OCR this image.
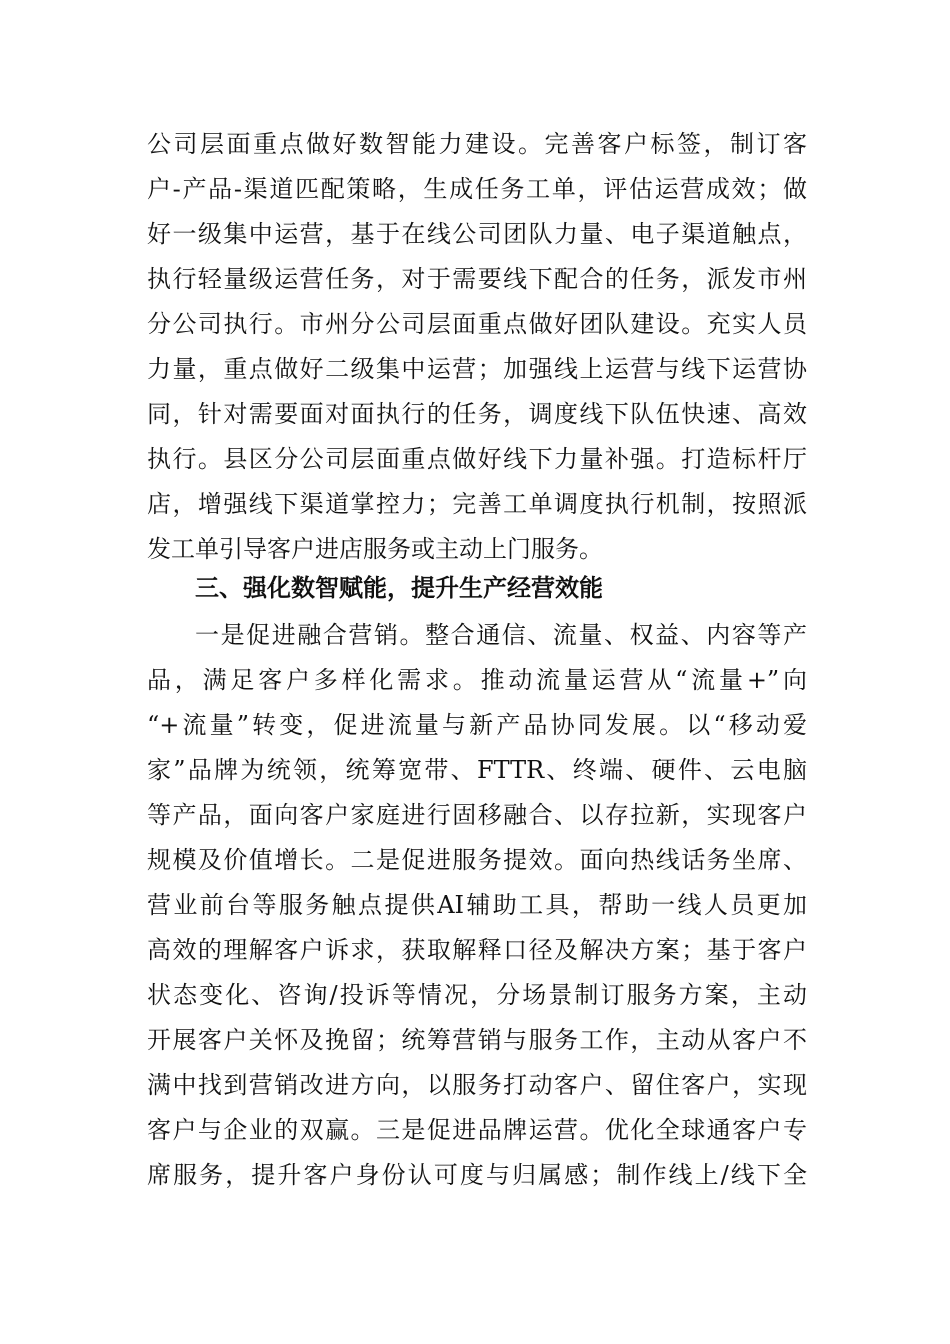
公司层面重点做好数智能力建设。完善客户标签，制订客
户-产品-渠道匹配策略，生成任务工单，评估运营成效；做
好一级集中运营，基于在线公司团队力量、电子渠道触点，
执行轻量级运营任务，对于需要线下配合的任务，派发市州
分公司执行。市州分公司层面重点做好团队建设。充实人员
力量，重点做好二级集中运营；加强线上运营与线下运营协
同，针对需要面对面执行的任务，调度线下队伍快速、高效
执行。县区分公司层面重点做好线下力量补强。打造标杆厅
店，增强线下渠道掌控力；完善工单调度执行机制，按照派
发工单引导客户进店服务或主动上门服务。
三、强化数智赋能，提升生产经营效能
一是促进融合营销。整合通信、流量、权益、内容等产
品，满足客户多样化需求。推动流量运营从“流量+”向
“+流量”转变，促进流量与新产品协同发展。以“移动爱
家”品牌为统领，统筹宽带、FTTR、终端、硬件、云电脑
等产品，面向客户家庭进行固移融合、以存拉新，实现客户
规模及价值增长。二是促进服务提效。面向热线话务坐席、
营业前台等服务触点提供AI辅助工具，帮助一线人员更加
高效的理解客户诉求，获取解释口径及解决方案；基于客户
状态变化、咨询/投诉等情况，分场景制订服务方案，主动
开展客户关怀及挽留；统筹营销与服务工作，主动从客户不
满中找到营销改进方向，以服务打动客户、留住客户，实现
客户与企业的双赢。三是促进品牌运营。优化全球通客户专
席服务，提升客户身份认可度与归属感；制作线上/线下全
